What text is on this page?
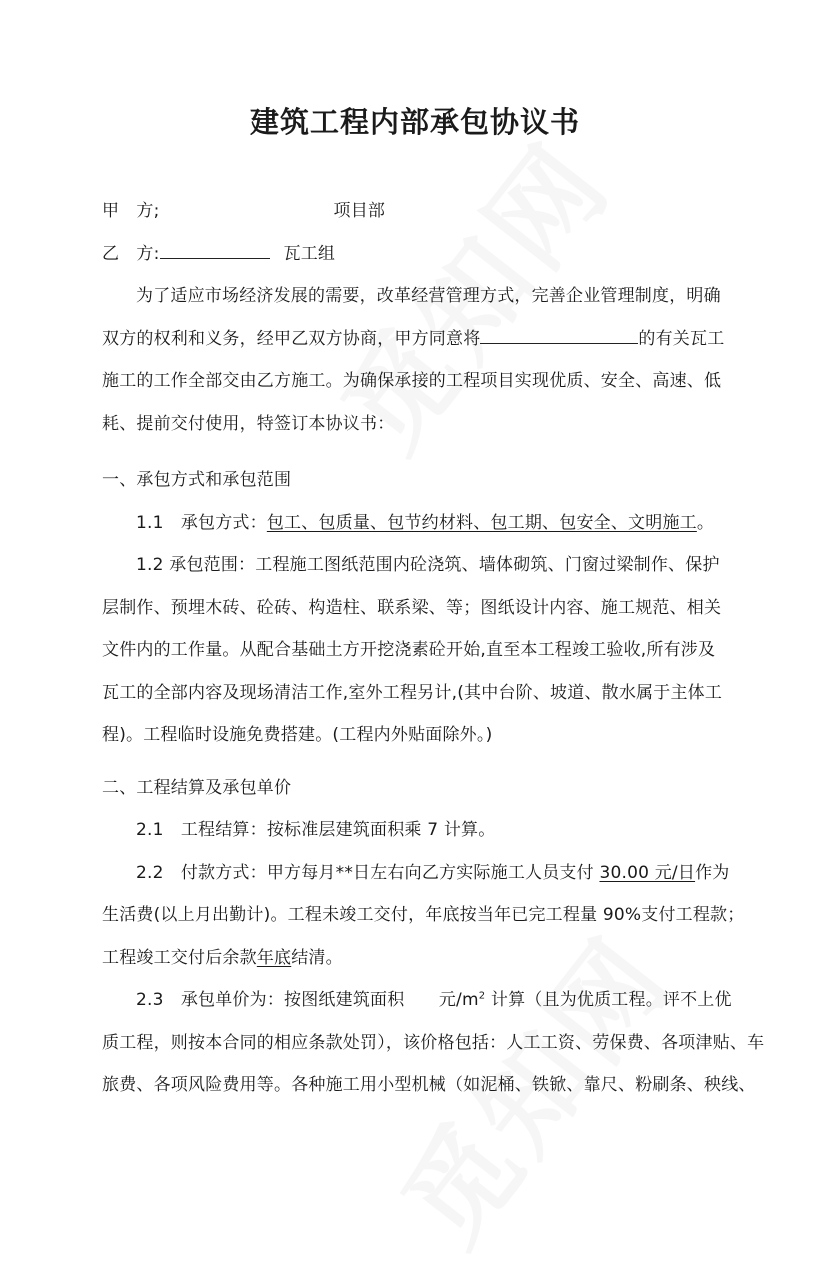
建筑工程内部承包协议书
甲　方;	项目部
乙　方:	瓦工组
为了适应市场经济发展的需要，改革经营管理方式，完善企业管理制度，明确
双方的权利和义务，经甲乙双方协商，甲方同意将	的有关瓦工
施工的工作全部交由乙方施工。为确保承接的工程项目实现优质、安全、高速、低
耗、提前交付使用，特签订本协议书：
一、承包方式和承包范围
1.1　承包方式：包工、包质量、包节约材料、包工期、包安全、文明施工。
1.2 承包范围：工程施工图纸范围内砼浇筑、墙体砌筑、门窗过梁制作、保护
层制作、预埋木砖、砼砖、构造柱、联系梁、等；图纸设计内容、施工规范、相关
文件内的工作量。从配合基础土方开挖浇素砼开始,直至本工程竣工验收,所有涉及
瓦工的全部内容及现场清洁工作,室外工程另计,(其中台阶、坡道、散水属于主体工
程)。工程临时设施免费搭建。(工程内外贴面除外。)
二、工程结算及承包单价
2.1　工程结算：按标准层建筑面积乘 7 计算。
2.2　付款方式：甲方每月**日左右向乙方实际施工人员支付 30.00 元/日作为
生活费(以上月出勤计)。工程未竣工交付，年底按当年已完工程量 90%支付工程款；
工程竣工交付后余款年底结清。
2.3　承包单价为：按图纸建筑面积　　元$/m^2$ 计算（且为优质工程。评不上优
质工程，则按本合同的相应条款处罚），该价格包括：人工工资、劳保费、各项津贴、车
旅费、各项风险费用等。各种施工用小型机械（如泥桶、铁锨、靠尺、粉刷条、秧线、
